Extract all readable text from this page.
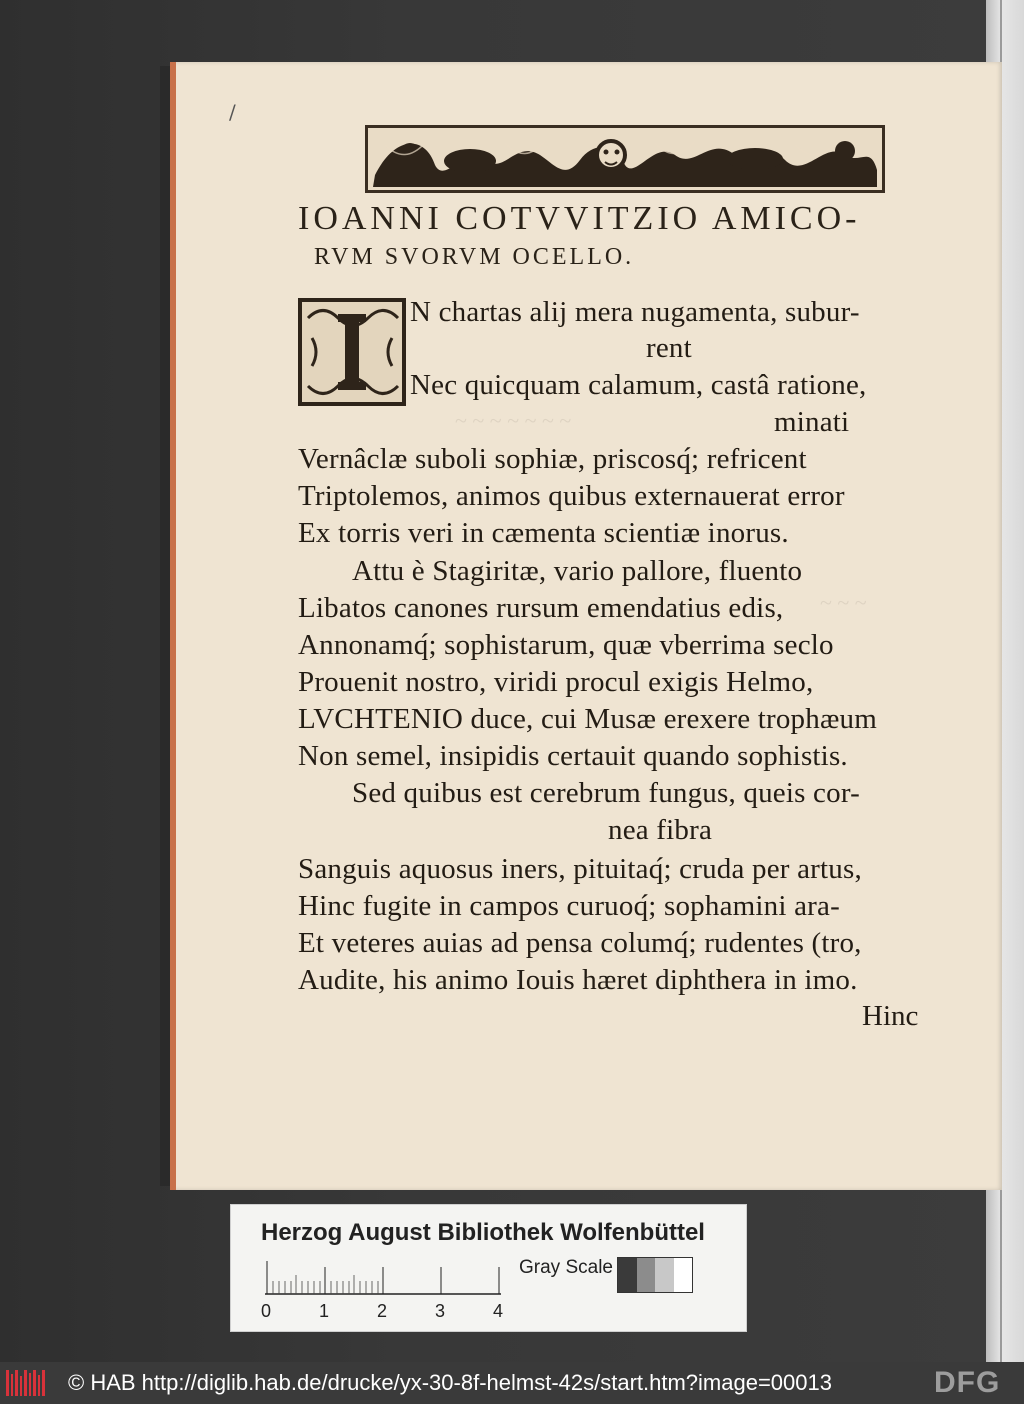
/
IOANNI COTVVITZIO AMICO-
RVM SVORVM OCELLO.
~ ~ ~ ~ ~ ~ ~
~ ~ ~
N chartas alij mera nugamenta, subur-
rent
Nec quicquam calamum, castâ ratione,
minati
Vernâclæ suboli sophiæ, priscosq́; refricent
Triptolemos, animos quibus externauerat error
Ex torris veri in cæmenta scientiæ inorus.
Attu è Stagiritæ, vario pallore, fluento
Libatos canones rursum emendatius edis,
Annonamq́; sophistarum, quæ vberrima seclo
Prouenit nostro, viridi procul exigis Helmo,
LVCHTENIO duce, cui Musæ erexere trophæum
Non semel, insipidis certauit quando sophistis.
Sed quibus est cerebrum fungus, queis cor-
nea fibra
Sanguis aquosus iners, pituitaq́; cruda per artus,
Hinc fugite in campos curuoq́; sophamini ara-
Et veteres auias ad pensa columq́; rudentes (tro,
Audite, his animo Iouis hæret diphthera in imo.
Hinc
Herzog August Bibliothek Wolfenbüttel
0	1	2	3	4
Gray Scale
© HAB http://diglib.hab.de/drucke/yx-30-8f-helmst-42s/start.htm?image=00013	DFG
